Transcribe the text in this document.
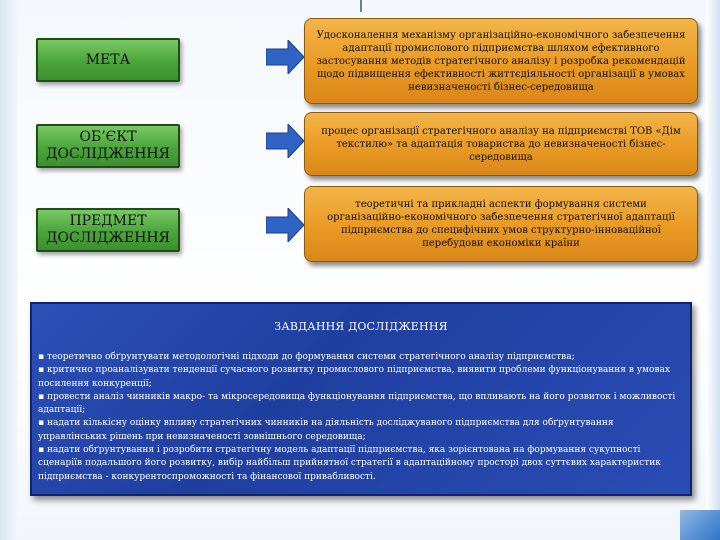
МЕТА
Удосконалення механізму організаційно-економічного забезпечення адаптації промислового підприємства шляхом ефективного застосування методів стратегічного аналізу і розробка рекомендацій щодо підвищення ефективності життєдіяльності організації в умовах невизначеності бізнес-середовища
ОБ’ЄКТ ДОСЛІДЖЕННЯ
процес організації стратегічного аналізу на підприємстві ТОВ «Дім текстилю» та адаптація товариства до невизначеності бізнес-середовища
ПРЕДМЕТ ДОСЛІДЖЕННЯ
теоретичні та прикладні аспекти формування системи організаційно-економічного забезпечення стратегічної адаптації підприємства до специфічних умов структурно-інноваційної перебудови економіки країни
ЗАВДАННЯ ДОСЛІДЖЕННЯ
▪ теоретично обґрунтувати методологічні підходи до формування системи стратегічного аналізу підприємства;
▪ критично проаналізувати тенденції сучасного розвитку промислового підприємства, виявити проблеми функціонування в умовах посилення конкуренції;
▪ провести аналіз чинників макро- та мікросередовища функціонування підприємства, що впливають на його розвиток і можливості адаптації;
▪ надати кількісну оцінку впливу стратегічних чинників на діяльність досліджуваного підприємства для обґрунтування управлінських рішень при невизначеності зовнішнього середовища;
▪ надати обґрунтування і розробити стратегічну модель адаптації підприємства, яка зорієнтована на формування сукупності сценаріїв подальшого його розвитку, вибір найбільш прийнятної стратегії в адаптаційному просторі двох суттєвих характеристик підприємства - конкурентоспроможності та фінансової привабливості.
